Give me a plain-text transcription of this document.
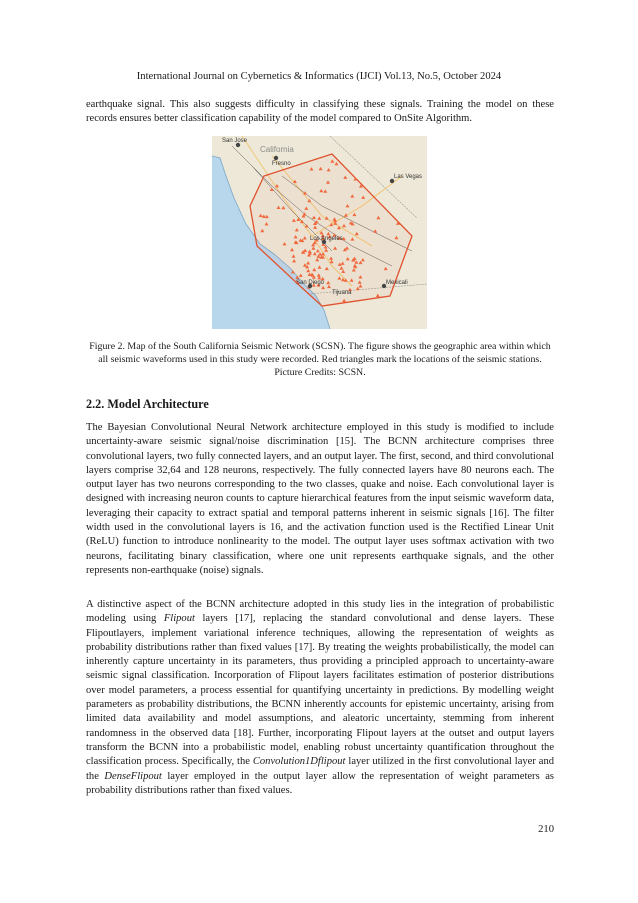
International Journal on Cybernetics & Informatics (IJCI) Vol.13, No.5, October 2024
earthquake signal. This also suggests difficulty in classifying these signals. Training the model on these records ensures better classification capability of the model compared to OnSite Algorithm.
San Jose
California
Fresno
Las Vegas
Los Angeles
San Diego
Tijuana
Mexicali
Figure 2. Map of the South California Seismic Network (SCSN). The figure shows the geographic area within which all seismic waveforms used in this study were recorded. Red triangles mark the locations of the seismic stations. Picture Credits: SCSN.
2.2. Model Architecture
The Bayesian Convolutional Neural Network architecture employed in this study is modified to include uncertainty-aware seismic signal/noise discrimination [15]. The BCNN architecture comprises three convolutional layers, two fully connected layers, and an output layer. The first, second, and third convolutional layers comprise 32,64 and 128 neurons, respectively. The fully connected layers have 80 neurons each. The output layer has two neurons corresponding to the two classes, quake and noise. Each convolutional layer is designed with increasing neuron counts to capture hierarchical features from the input seismic waveform data, leveraging their capacity to extract spatial and temporal patterns inherent in seismic signals [16]. The filter width used in the convolutional layers is 16, and the activation function used is the Rectified Linear Unit (ReLU) function to introduce nonlinearity to the model. The output layer uses softmax activation with two neurons, facilitating binary classification, where one unit represents earthquake signals, and the other represents non-earthquake (noise) signals.
A distinctive aspect of the BCNN architecture adopted in this study lies in the integration of probabilistic modeling using Flipout layers [17], replacing the standard convolutional and dense layers. These Flipoutlayers, implement variational inference techniques, allowing the representation of weights as probability distributions rather than fixed values [17]. By treating the weights probabilistically, the model can inherently capture uncertainty in its parameters, thus providing a principled approach to uncertainty-aware seismic signal classification. Incorporation of Flipout layers facilitates estimation of posterior distributions over model parameters, a process essential for quantifying uncertainty in predictions. By modelling weight parameters as probability distributions, the BCNN inherently accounts for epistemic uncertainty, arising from limited data availability and model assumptions, and aleatoric uncertainty, stemming from inherent randomness in the observed data [18]. Further, incorporating Flipout layers at the outset and output layers transform the BCNN into a probabilistic model, enabling robust uncertainty quantification throughout the classification process. Specifically, the Convolution1Dflipout layer utilized in the first convolutional layer and the DenseFlipout layer employed in the output layer allow the representation of weight parameters as probability distributions rather than fixed values.
210
